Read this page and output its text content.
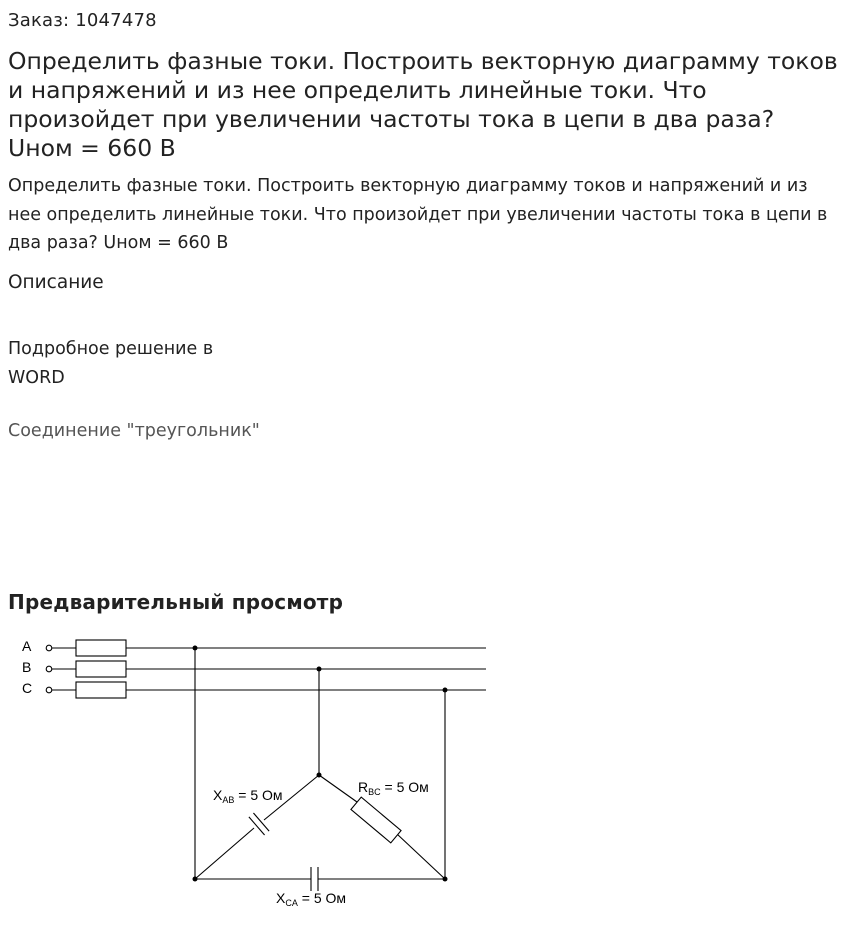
Заказ: 1047478
Определить фазные токи. Построить векторную диаграмму токов и напряжений и из нее определить линейные токи. Что произойдет при увеличении частоты тока в цепи в два раза? Uном = 660 В

Определить фазные токи. Построить векторную диаграмму токов и напряжений и из нее определить линейные токи. Что произойдет при увеличении частоты тока в цепи в два раза? Uном = 660 В

Описание

Подробное решение в WORD

Соединение "треугольник"

Предварительный просмотр
A
B
C
$X_{AB} = 5$ Ом	$R_{BC} = 5$ Ом
$X_{CA} = 5$ Ом
